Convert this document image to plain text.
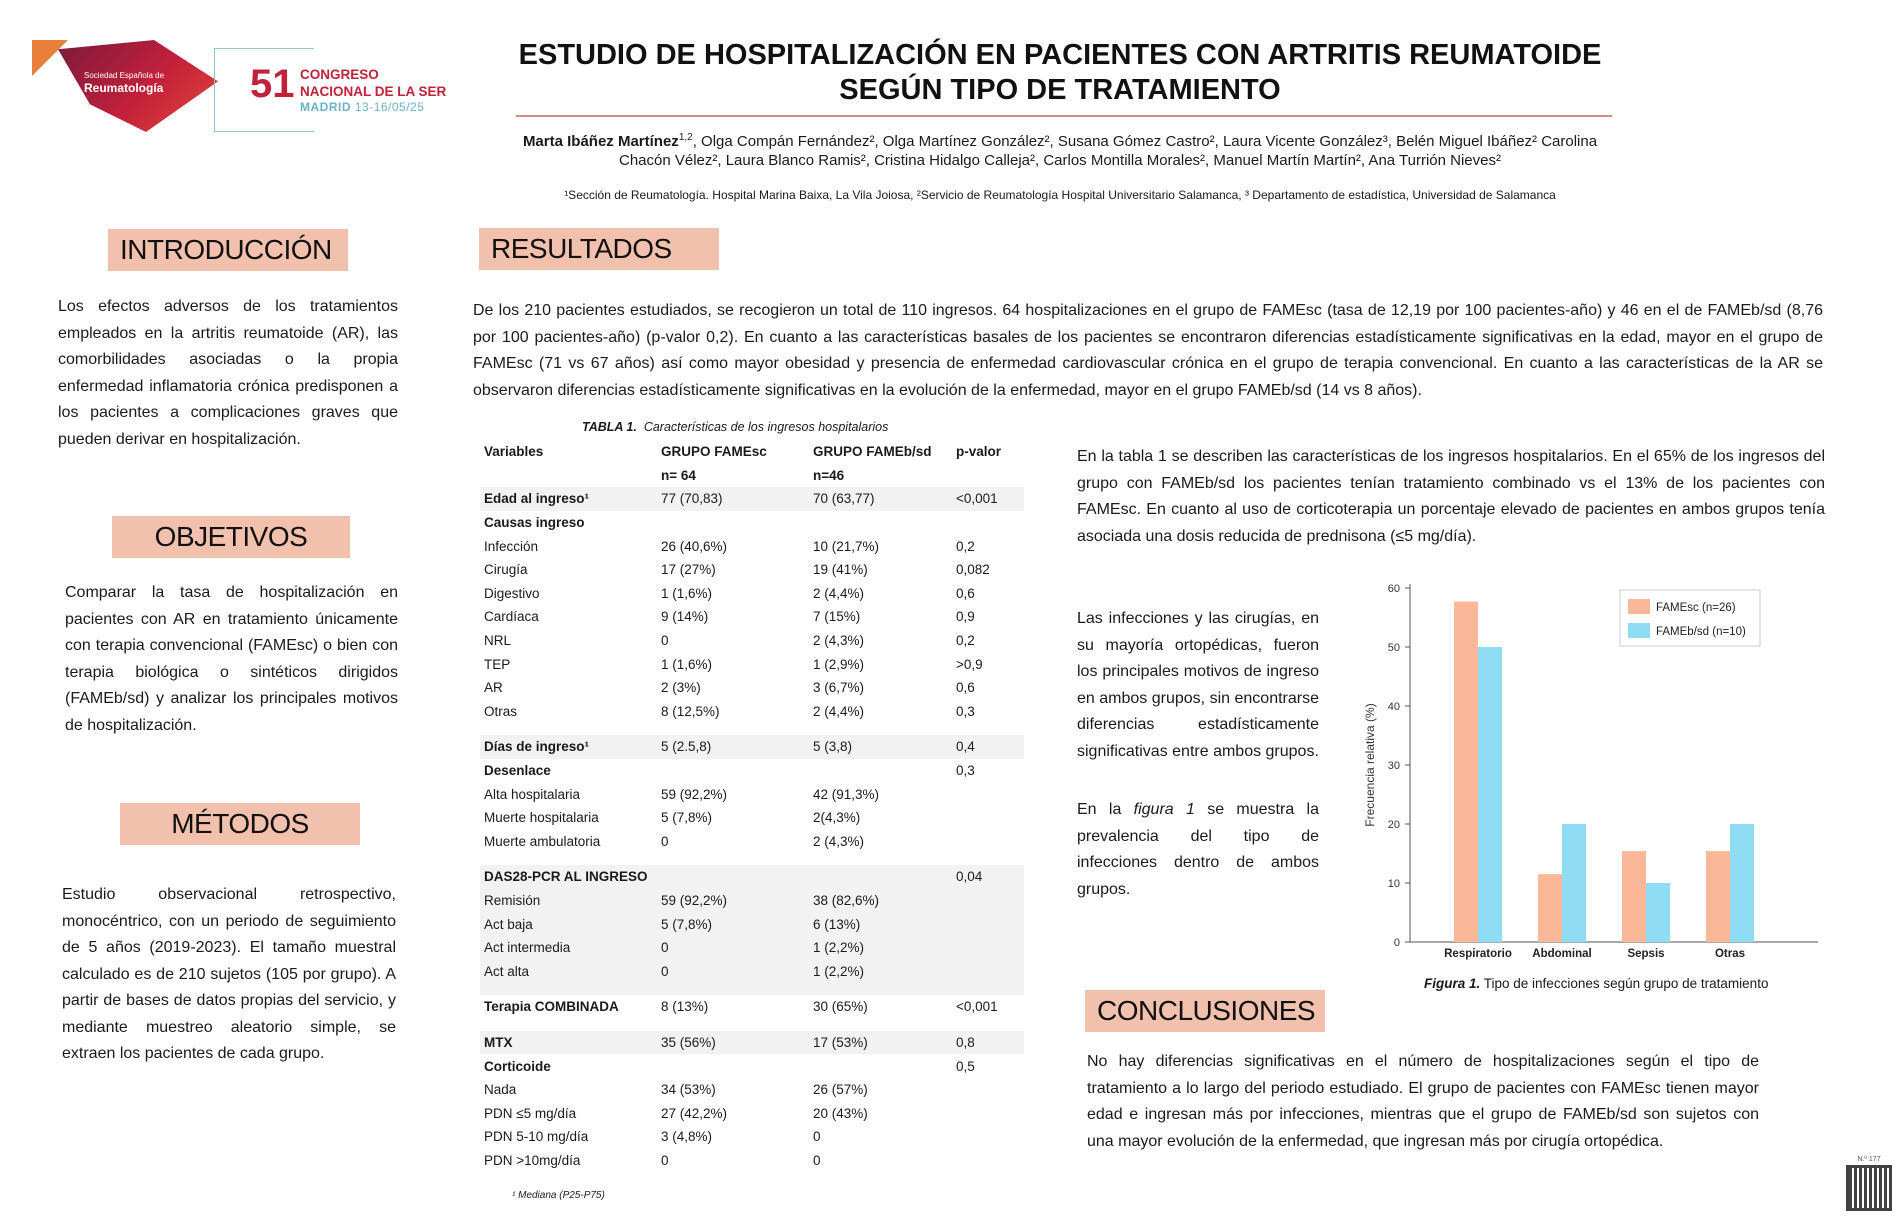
Sociedad Española de
Reumatología 51 CONGRESO
NACIONAL DE LA SER
MADRID 13-16/05/25
ESTUDIO DE HOSPITALIZACIÓN EN PACIENTES CON ARTRITIS REUMATOIDE
SEGÚN TIPO DE TRATAMIENTO
Marta Ibáñez Martínez$^{1,2}$, Olga Compán Fernández², Olga Martínez González², Susana Gómez Castro², Laura Vicente González³, Belén Miguel Ibáñez² Carolina
Chacón Vélez², Laura Blanco Ramis², Cristina Hidalgo Calleja², Carlos Montilla Morales², Manuel Martín Martín², Ana Turrión Nieves²
¹Sección de Reumatología. Hospital Marina Baixa, La Vila Joiosa, ²Servicio de Reumatología Hospital Universitario Salamanca, ³ Departamento de estadística, Universidad de Salamanca
INTRODUCCIÓN
Los efectos adversos de los tratamientos empleados en la artritis reumatoide (AR), las comorbilidades asociadas o la propia enfermedad inflamatoria crónica predisponen a los pacientes a complicaciones graves que pueden derivar en hospitalización.
OBJETIVOS
Comparar la tasa de hospitalización en pacientes con AR en tratamiento únicamente con terapia convencional (FAMEsc) o bien con terapia biológica o sintéticos dirigidos (FAMEb/sd) y analizar los principales motivos de hospitalización.
MÉTODOS
Estudio observacional retrospectivo, monocéntrico, con un periodo de seguimiento de 5 años (2019-2023). El tamaño muestral calculado es de 210 sujetos (105 por grupo). A partir de bases de datos propias del servicio, y mediante muestreo aleatorio simple, se extraen los pacientes de cada grupo.
RESULTADOS
De los 210 pacientes estudiados, se recogieron un total de 110 ingresos. 64 hospitalizaciones en el grupo de FAMEsc (tasa de 12,19 por 100 pacientes-año) y 46 en el de FAMEb/sd (8,76 por 100 pacientes-año) (p-valor 0,2). En cuanto a las características basales de los pacientes se encontraron diferencias estadísticamente significativas en la edad, mayor en el grupo de FAMEsc (71 vs 67 años) así como mayor obesidad y presencia de enfermedad cardiovascular crónica en el grupo de terapia convencional. En cuanto a las características de la AR se observaron diferencias estadísticamente significativas en la evolución de la enfermedad, mayor en el grupo FAMEb/sd (14 vs 8 años).
TABLA 1. Características de los ingresos hospitalarios
Variables	GRUPO FAMEsc	GRUPO FAMEb/sd	p-valor
	n= 64	n=46	
Edad al ingreso¹	77 (70,83)	70 (63,77)	<0,001
Causas ingreso			
Infección	26 (40,6%)	10 (21,7%)	0,2
Cirugía	17 (27%)	19 (41%)	0,082
Digestivo	1 (1,6%)	2 (4,4%)	0,6
Cardíaca	9 (14%)	7 (15%)	0,9
NRL	0	2 (4,3%)	0,2
TEP	1 (1,6%)	1 (2,9%)	>0,9
AR	2 (3%)	3 (6,7%)	0,6
Otras	8 (12,5%)	2 (4,4%)	0,3

Días de ingreso¹	5 (2.5,8)	5 (3,8)	0,4
Desenlace			0,3
Alta hospitalaria	59 (92,2%)	42 (91,3%)	
Muerte hospitalaria	5 (7,8%)	2(4,3%)	
Muerte ambulatoria	0	2 (4,3%)	

DAS28-PCR AL INGRESO			0,04
Remisión	59 (92,2%)	38 (82,6%)	
Act baja	5 (7,8%)	6 (13%)	
Act intermedia	0	1 (2,2%)	
Act alta	0	1 (2,2%)	

Terapia COMBINADA	8 (13%)	30 (65%)	<0,001

MTX	35 (56%)	17 (53%)	0,8
Corticoide			0,5
Nada	34 (53%)	26 (57%)	
PDN ≤5 mg/día	27 (42,2%)	20 (43%)	
PDN 5-10 mg/día	3 (4,8%)	0	
PDN >10mg/día	0	0	
¹ Mediana (P25-P75)
En la tabla 1 se describen las características de los ingresos hospitalarios. En el 65% de los ingresos del grupo con FAMEb/sd los pacientes tenían tratamiento combinado vs el 13% de los pacientes con FAMEsc. En cuanto al uso de corticoterapia un porcentaje elevado de pacientes en ambos grupos tenía asociada una dosis reducida de prednisona (≤5 mg/día).
Las infecciones y las cirugías, en su mayoría ortopédicas, fueron los principales motivos de ingreso en ambos grupos, sin encontrarse diferencias estadísticamente significativas entre ambos grupos.
En la figura 1 se muestra la prevalencia del tipo de infecciones dentro de ambos grupos.
0
10
20
30
40
50
60
Frecuencia relativa (%)
Respiratorio Abdominal	Sepsis	Otras
FAMEsc (n=26)
FAMEb/sd (n=10)
Figura 1. Tipo de infecciones según grupo de tratamiento
CONCLUSIONES
No hay diferencias significativas en el número de hospitalizaciones según el tipo de tratamiento a lo largo del periodo estudiado. El grupo de pacientes con FAMEsc tienen mayor edad e ingresan más por infecciones, mientras que el grupo de FAMEb/sd son sujetos con una mayor evolución de la enfermedad, que ingresan más por cirugía ortopédica.
N.º 177
